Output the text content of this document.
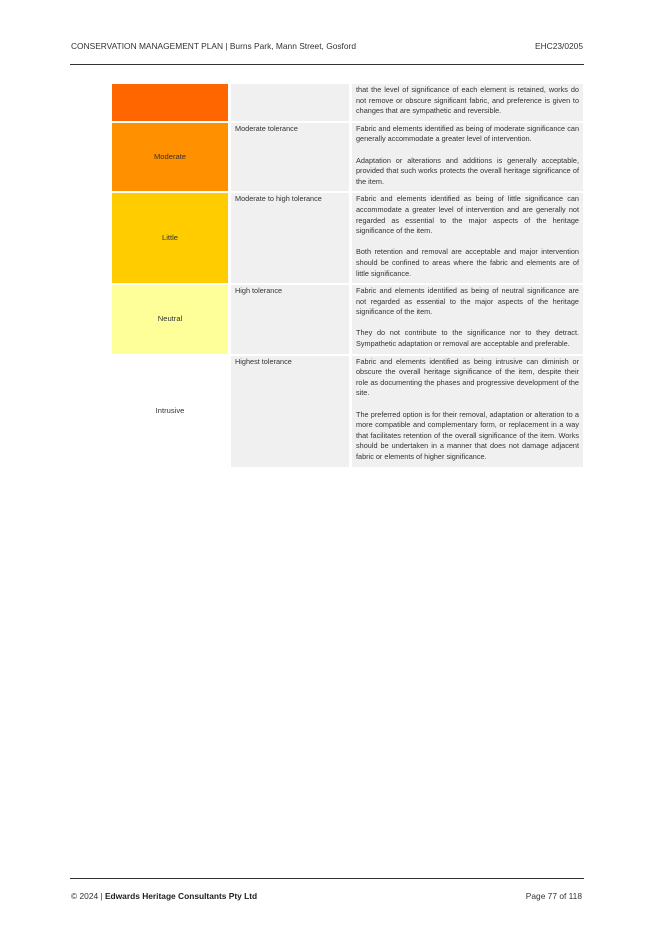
CONSERVATION MANAGEMENT PLAN | Burns Park, Mann Street, Gosford	EHC23/0205

		that the level of significance of each element is retained, works do not remove or obscure significant fabric, and preference is given to changes that are sympathetic and reversible.

Moderate	Moderate tolerance	Fabric and elements identified as being of moderate significance can generally accommodate a greater level of intervention.

Adaptation or alterations and additions is generally acceptable, provided that such works protects the overall heritage significance of the item.

Little	Moderate to high tolerance	Fabric and elements identified as being of little significance can accommodate a greater level of intervention and are generally not regarded as essential to the major aspects of the heritage significance of the item.

Both retention and removal are acceptable and major intervention should be confined to areas where the fabric and elements are of little significance.

Neutral	High tolerance	Fabric and elements identified as being of neutral significance are not regarded as essential to the major aspects of the heritage significance of the item.

They do not contribute to the significance nor to they detract. Sympathetic adaptation or removal are acceptable and preferable.

Intrusive	Highest tolerance	Fabric and elements identified as being intrusive can diminish or obscure the overall heritage significance of the item, despite their role as documenting the phases and progressive development of the site.

The preferred option is for their removal, adaptation or alteration to a more compatible and complementary form, or replacement in a way that facilitates retention of the overall significance of the item. Works should be undertaken in a manner that does not damage adjacent fabric or elements of higher significance.

© 2024 | Edwards Heritage Consultants Pty Ltd	Page 77 of 118
